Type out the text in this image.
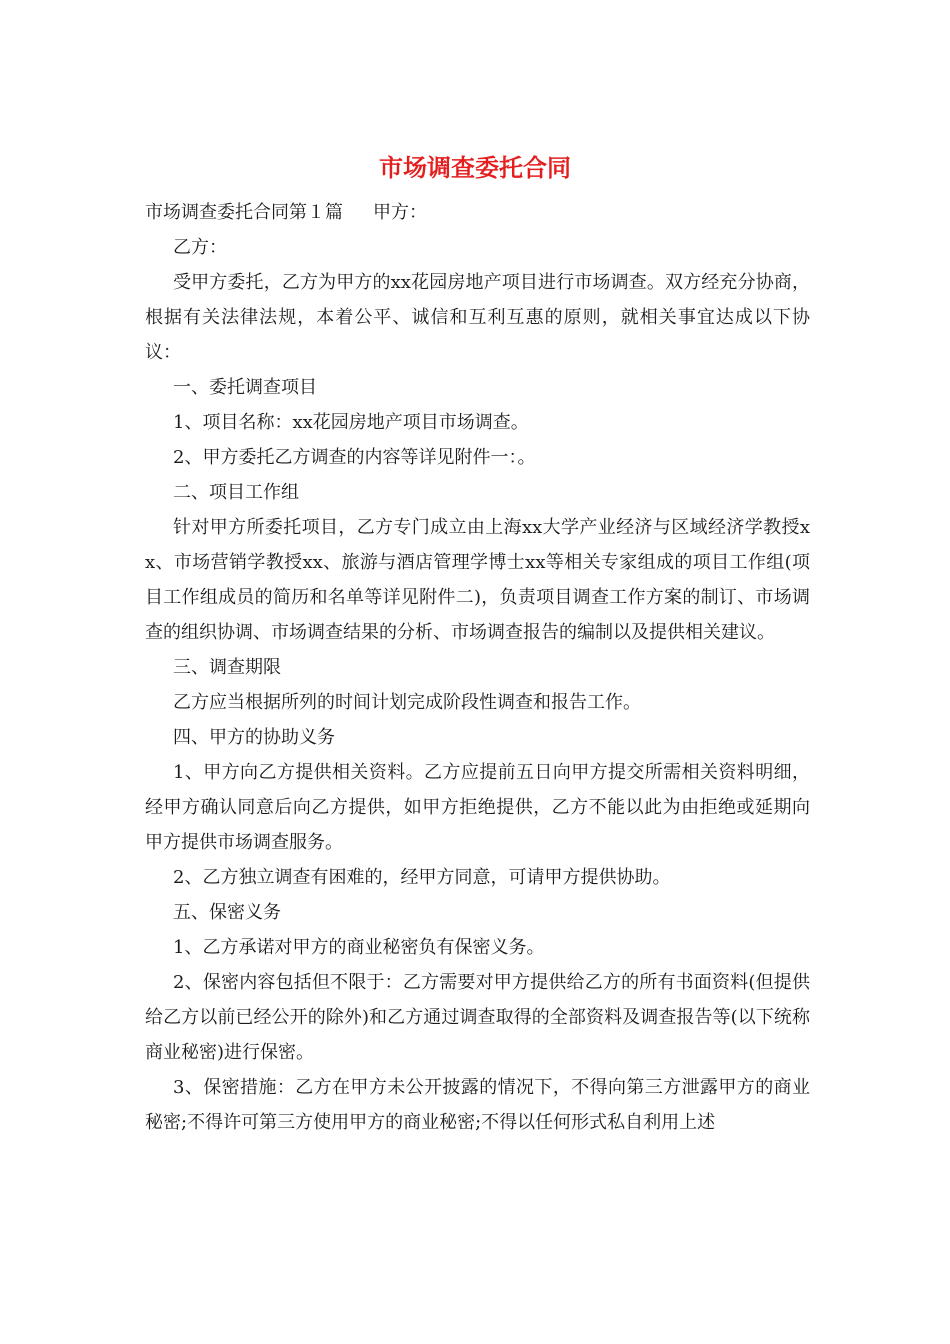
市场调查委托合同

市场调查委托合同第１篇 甲方：

乙方：

受甲方委托，乙方为甲方的xx花园房地产项目进行市场调查。双方经充分协商，根据有关法律法规，本着公平、诚信和互利互惠的原则，就相关事宜达成以下协议：

一、委托调查项目

1、项目名称：xx花园房地产项目市场调查。

2、甲方委托乙方调查的内容等详见附件一：。

二、项目工作组

针对甲方所委托项目，乙方专门成立由上海xx大学产业经济与区域经济学教授xx、市场营销学教授xx、旅游与酒店管理学博士xx等相关专家组成的项目工作组(项目工作组成员的简历和名单等详见附件二)，负责项目调查工作方案的制订、市场调查的组织协调、市场调查结果的分析、市场调查报告的编制以及提供相关建议。

三、调查期限

乙方应当根据所列的时间计划完成阶段性调查和报告工作。

四、甲方的协助义务

1、甲方向乙方提供相关资料。乙方应提前五日向甲方提交所需相关资料明细，经甲方确认同意后向乙方提供，如甲方拒绝提供，乙方不能以此为由拒绝或延期向甲方提供市场调查服务。

2、乙方独立调查有困难的，经甲方同意，可请甲方提供协助。

五、保密义务

1、乙方承诺对甲方的商业秘密负有保密义务。

2、保密内容包括但不限于：乙方需要对甲方提供给乙方的所有书面资料(但提供给乙方以前已经公开的除外)和乙方通过调查取得的全部资料及调查报告等(以下统称商业秘密)进行保密。

3、保密措施：乙方在甲方未公开披露的情况下，不得向第三方泄露甲方的商业秘密;不得许可第三方使用甲方的商业秘密;不得以任何形式私自利用上述
